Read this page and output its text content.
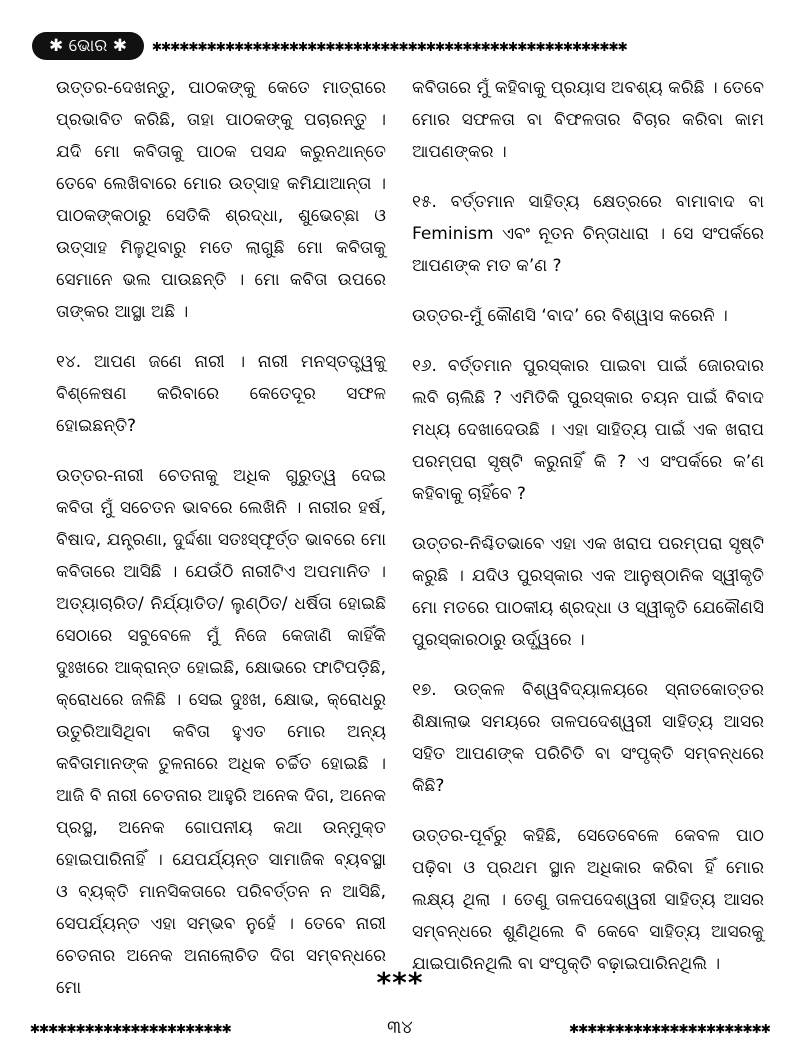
✱ ଭୋର ✱	✱✱✱✱✱✱✱✱✱✱✱✱✱✱✱✱✱✱✱✱✱✱✱✱✱✱✱✱✱✱✱✱✱✱✱✱✱✱✱✱✱✱✱✱✱✱✱✱✱✱✱✱

ଉତ୍ତର-ଦେଖନ୍ତୁ, ପାଠକଙ୍କୁ କେତେ ମାତ୍ରାରେ ପ୍ରଭାବିତ କରିଛି, ତାହା ପାଠକଙ୍କୁ ପଚାରନ୍ତୁ । ଯଦି ମୋ କବିତାକୁ ପାଠକ ପସନ୍ଦ କରୁନଥାନ୍ତେ ତେବେ ଲେଖିବାରେ ମୋର ଉତ୍ସାହ କମିଯାଆନ୍ତା । ପାଠକଙ୍କଠାରୁ ସେତିକି ଶ୍ରଦ୍ଧା, ଶୁଭେଚ୍ଛା ଓ ଉତ୍ସାହ ମିଳୁଥିବାରୁ ମତେ ଲାଗୁଛି ମୋ କବିତାକୁ ସେମାନେ ଭଲ ପାଉଛନ୍ତି । ମୋ କବିତା ଉପରେ ତାଙ୍କର ଆସ୍ଥା ଅଛି ।

୧୪. ଆପଣ ଜଣେ ନାରୀ । ନାରୀ ମନସ୍ତତ୍ତ୍ୱକୁ ବିଶ୍ଳେଷଣ କରିବାରେ କେତେଦୂର ସଫଳ ହୋଇଛନ୍ତି?

ଉତ୍ତର-ନାରୀ ଚେତନାକୁ ଅଧିକ ଗୁରୁତ୍ୱ ଦେଇ କବିତା ମୁଁ ସଚେତନ ଭାବରେ ଲେଖିନି । ନାରୀର ହର୍ଷ, ବିଷାଦ, ଯନ୍ତ୍ରଣା, ଦୁର୍ଦ୍ଦଶା ସତଃସ୍ଫୂର୍ତ୍ତ ଭାବରେ ମୋ କବିତାରେ ଆସିଛି । ଯେଉଁଠି ନାରୀଟିଏ ଅପମାନିତ । ଅତ୍ୟାଚାରିତ/ ନିର୍ଯ୍ୟାତିତ/ ଲୁଣ୍ଠିତ/ ଧର୍ଷିତା ହୋଇଛି ସେଠାରେ ସବୁବେଳେ ମୁଁ ନିଜେ କେଜାଣି କାହିଁକି ଦୁଃଖରେ ଆକ୍ରାନ୍ତ ହୋଇଛି, କ୍ଷୋଭରେ ଫାଟିପଡ଼ିଛି, କ୍ରୋଧରେ ଜଳିଛି । ସେଇ ଦୁଃଖ, କ୍ଷୋଭ, କ୍ରୋଧରୁ ଉତୁରିଆସିଥିବା କବିତା ହୁଏତ ମୋର ଅନ୍ୟ କବିତାମାନଙ୍କ ତୁଳନାରେ ଅଧିକ ଚର୍ଚ୍ଚିତ ହୋଇଛି । ଆଜି ବି ନାରୀ ଚେତନାର ଆହୁରି ଅନେକ ଦିଗ, ଅନେକ ପ୍ରସ୍ଥ, ଅନେକ ଗୋପନୀୟ କଥା ଉନ୍ମୁକ୍ତ ହୋଇପାରିନାହିଁ । ଯେପର୍ଯ୍ୟନ୍ତ ସାମାଜିକ ବ୍ୟବସ୍ଥା ଓ ବ୍ୟକ୍ତି ମାନସିକତାରେ ପରିବର୍ତ୍ତନ ନ ଆସିଛି, ସେପର୍ଯ୍ୟନ୍ତ ଏହା ସମ୍ଭବ ନୁହେଁ । ତେବେ ନାରୀ ଚେତନାର ଅନେକ ଅନାଲୋଚିତ ଦିଗ ସମ୍ବନ୍ଧରେ ମୋ

କବିତାରେ ମୁଁ କହିବାକୁ ପ୍ରୟାସ ଅବଶ୍ୟ କରିଛି । ତେବେ ମୋର ସଫଳତା ବା ବିଫଳତାର ବିଚାର କରିବା କାମ ଆପଣଙ୍କର ।

୧୫. ବର୍ତ୍ତମାନ ସାହିତ୍ୟ କ୍ଷେତ୍ରରେ ବାମାବାଦ ବା Feminism ଏବଂ ନୂତନ ଚିନ୍ତାଧାରା । ସେ ସଂପର୍କରେ ଆପଣଙ୍କ ମତ କ’ଣ ?

ଉତ୍ତର-ମୁଁ କୌଣସି ‘ବାଦ’ ରେ ବିଶ୍ୱାସ କରେନି ।

୧୬. ବର୍ତ୍ତମାନ ପୁରସ୍କାର ପାଇବା ପାଇଁ ଜୋରଦାର ଲବି ଚାଲିଛି ? ଏମିତିକି ପୁରସ୍କାର ଚୟନ ପାଇଁ ବିବାଦ ମଧ୍ୟ ଦେଖାଦେଉଛି । ଏହା ସାହିତ୍ୟ ପାଇଁ ଏକ ଖରାପ ପରମ୍ପରା ସୃଷ୍ଟି କରୁନାହିଁ କି ? ଏ ସଂପର୍କରେ କ’ଣ କହିବାକୁ ଚାହିଁବେ ?

ଉତ୍ତର-ନିଶ୍ଚିତଭାବେ ଏହା ଏକ ଖରାପ ପରମ୍ପରା ସୃଷ୍ଟି କରୁଛି । ଯଦିଓ ପୁରସ୍କାର ଏକ ଆନୁଷ୍ଠାନିକ ସ୍ୱୀକୃତି ମୋ ମତରେ ପାଠକୀୟ ଶ୍ରଦ୍ଧା ଓ ସ୍ୱୀକୃତି ଯେକୌଣସି ପୁରସ୍କାରଠାରୁ ଉର୍ଦ୍ଧ୍ୱରେ ।

୧୭. ଉତ୍କଳ ବିଶ୍ୱବିଦ୍ୟାଳୟରେ ସ୍ନାତକୋତ୍ତର ଶିକ୍ଷାଲାଭ ସମୟରେ ତାଳପଦେଶ୍ୱରୀ ସାହିତ୍ୟ ଆସର ସହିତ ଆପଣଙ୍କ ପରିଚିତି ବା ସଂପୃକ୍ତି ସମ୍ବନ୍ଧରେ କିଛି?

ଉତ୍ତର-ପୂର୍ବରୁ କହିଛି, ସେତେବେଳେ କେବଳ ପାଠ ପଢ଼ିବା ଓ ପ୍ରଥମ ସ୍ଥାନ ଅଧିକାର କରିବା ହିଁ ମୋର ଲକ୍ଷ୍ୟ ଥିଲା । ତେଣୁ ତାଳପଦେଶ୍ୱରୀ ସାହିତ୍ୟ ଆସର ସମ୍ବନ୍ଧରେ ଶୁଣିଥିଲେ ବି କେବେ ସାହିତ୍ୟ ଆସରକୁ ଯାଇପାରିନଥିଲି ବା ସଂପୃକ୍ତି ବଢ଼ାଇପାରିନଥିଲି ।

***
✱✱✱✱✱✱✱✱✱✱✱✱✱✱✱✱✱✱✱✱✱✱	୩୪	✱✱✱✱✱✱✱✱✱✱✱✱✱✱✱✱✱✱✱✱✱✱
